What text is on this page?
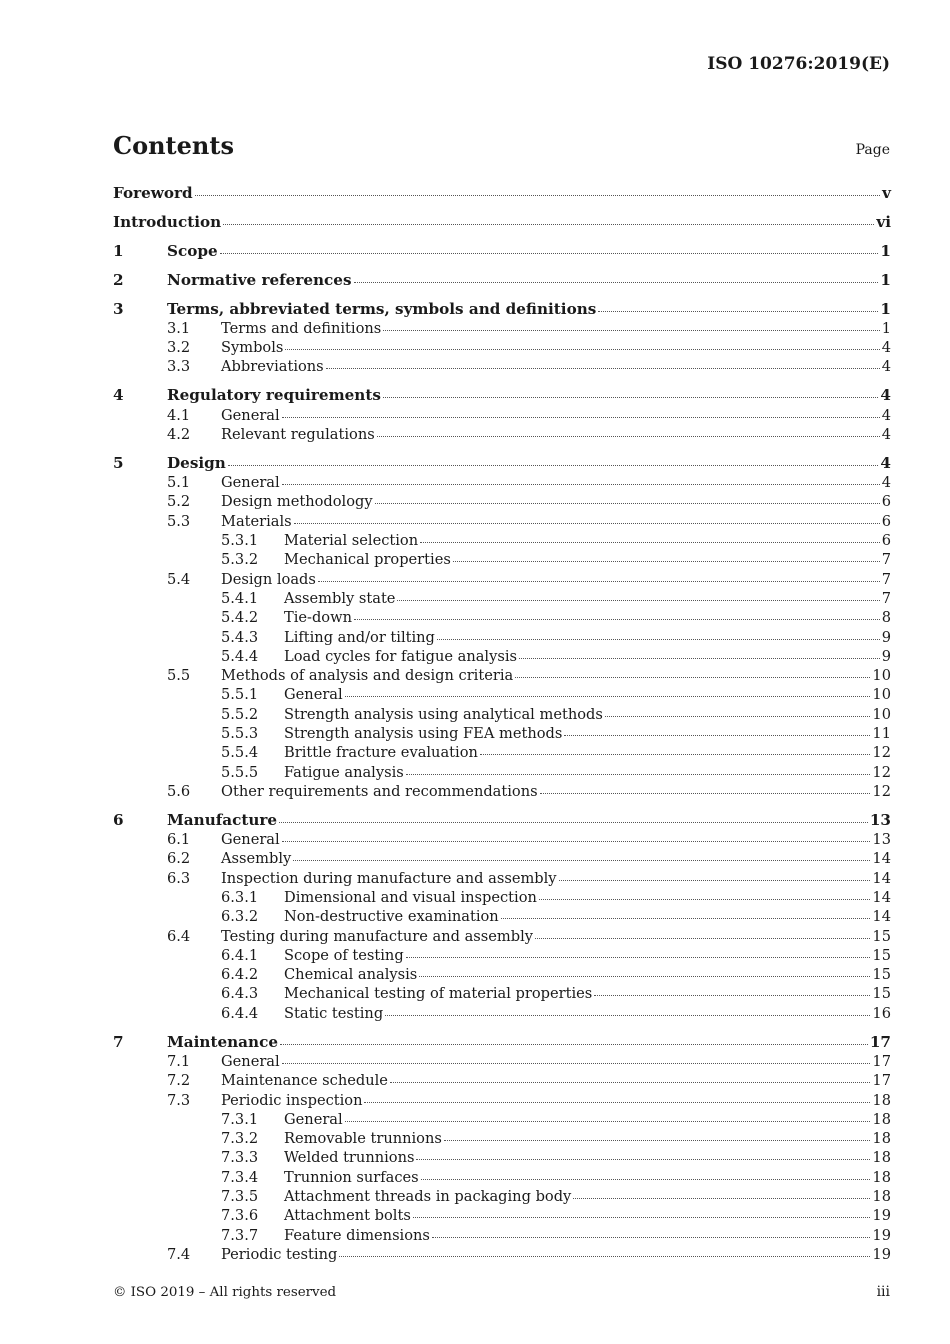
ISO 10276:2019(E)
Contents	Page
Foreword	v
Introduction	vi
1	Scope	1
2	Normative references	1
3	Terms, abbreviated terms, symbols and definitions	1
3.1 Terms and definitions	1
3.2 Symbols	4
3.3 Abbreviations	4
4	Regulatory requirements	4
4.1 General	4
4.2 Relevant regulations	4
5	Design	4
5.1 General	4
5.2 Design methodology	6
5.3 Materials	6
5.3.1 Material selection	6
5.3.2 Mechanical properties	7
5.4 Design loads	7
5.4.1 Assembly state	7
5.4.2 Tie-down	8
5.4.3 Lifting and/or tilting	9
5.4.4 Load cycles for fatigue analysis	9
5.5 Methods of analysis and design criteria	10
5.5.1 General	10
5.5.2 Strength analysis using analytical methods	10
5.5.3 Strength analysis using FEA methods	11
5.5.4 Brittle fracture evaluation	12
5.5.5 Fatigue analysis	12
5.6 Other requirements and recommendations	12
6	Manufacture	13
6.1 General	13
6.2 Assembly	14
6.3 Inspection during manufacture and assembly	14
6.3.1 Dimensional and visual inspection	14
6.3.2 Non-destructive examination	14
6.4 Testing during manufacture and assembly	15
6.4.1 Scope of testing	15
6.4.2 Chemical analysis	15
6.4.3 Mechanical testing of material properties	15
6.4.4 Static testing	16
7	Maintenance	17
7.1 General	17
7.2 Maintenance schedule	17
7.3 Periodic inspection	18
7.3.1 General	18
7.3.2 Removable trunnions	18
7.3.3 Welded trunnions	18
7.3.4 Trunnion surfaces	18
7.3.5 Attachment threads in packaging body	18
7.3.6 Attachment bolts	19
7.3.7 Feature dimensions	19
7.4 Periodic testing	19
© ISO 2019 – All rights reserved	iii
